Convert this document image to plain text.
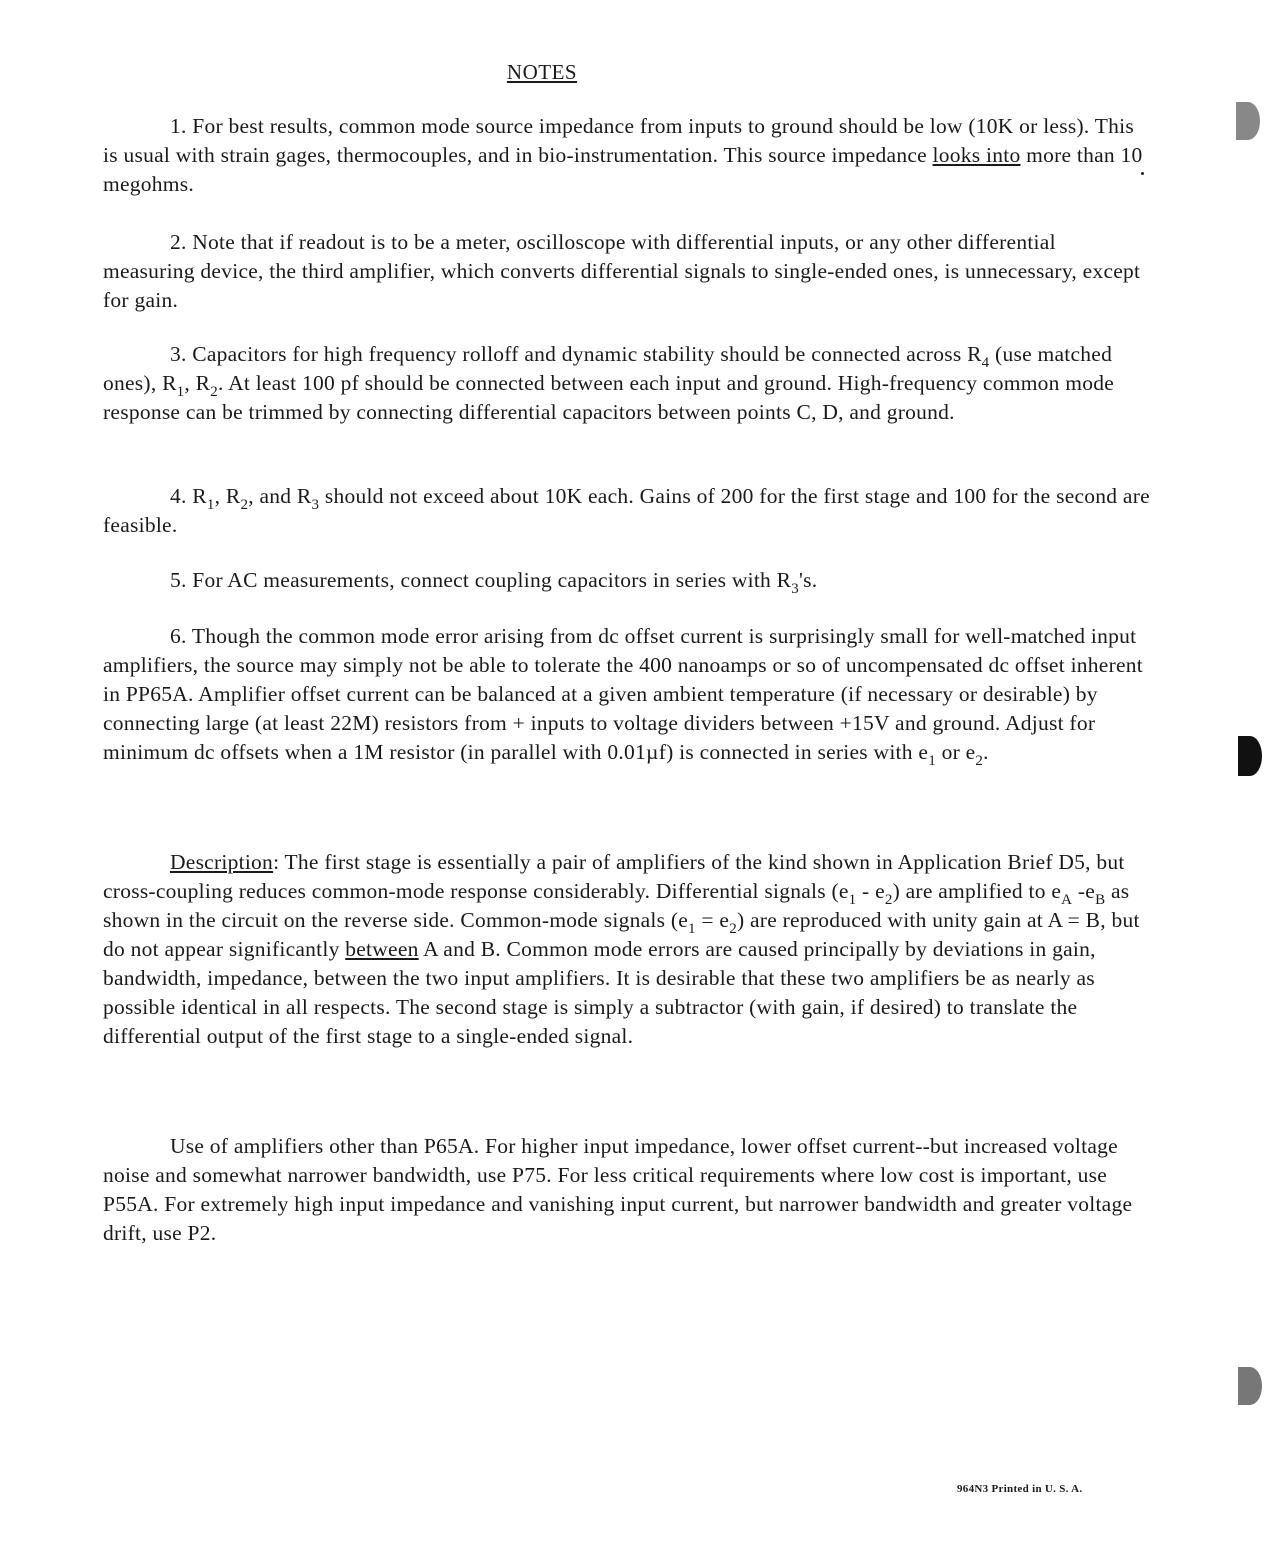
NOTES

1. For best results, common mode source impedance from inputs to ground should be low (10K or less). This is usual with strain gages, thermocouples, and in bio-instrumentation. This source impedance looks into more than 10 megohms.

2. Note that if readout is to be a meter, oscilloscope with differential inputs, or any other differential measuring device, the third amplifier, which converts differential signals to single-ended ones, is unnecessary, except for gain.

3. Capacitors for high frequency rolloff and dynamic stability should be connected across $R_4$ (use matched ones), $R_1$, $R_2$. At least 100 pf should be connected between each input and ground. High-frequency common mode response can be trimmed by connecting differential capacitors between points C, D, and ground.

4. $R_1$, $R_2$, and $R_3$ should not exceed about 10K each. Gains of 200 for the first stage and 100 for the second are feasible.

5. For AC measurements, connect coupling capacitors in series with $R_3's$.

6. Though the common mode error arising from dc offset current is surprisingly small for well-matched input amplifiers, the source may simply not be able to tolerate the 400 nanoamps or so of uncompensated dc offset inherent in PP65A. Amplifier offset current can be balanced at a given ambient temperature (if necessary or desirable) by connecting large (at least 22M) resistors from + inputs to voltage dividers between +15V and ground. Adjust for minimum dc offsets when a 1M resistor (in parallel with 0.01µf) is connected in series with $e_1$ or $e_2$.

Description: The first stage is essentially a pair of amplifiers of the kind shown in Application Brief D5, but cross-coupling reduces common-mode response considerably. Differential signals $(e_1 - e_2)$ are amplified to $e_A$ $-e_B$ as shown in the circuit on the reverse side. Common-mode signals $(e_1 = e_2)$ are reproduced with unity gain at A = B, but do not appear significantly between A and B. Common mode errors are caused principally by deviations in gain, bandwidth, impedance, between the two input amplifiers. It is desirable that these two amplifiers be as nearly as possible identical in all respects. The second stage is simply a subtractor (with gain, if desired) to translate the differential output of the first stage to a single-ended signal.

Use of amplifiers other than P65A. For higher input impedance, lower offset current--but increased voltage noise and somewhat narrower bandwidth, use P75. For less critical requirements where low cost is important, use P55A. For extremely high input impedance and vanishing input current, but narrower bandwidth and greater voltage drift, use P2.

964N3 Printed in U. S. A.
